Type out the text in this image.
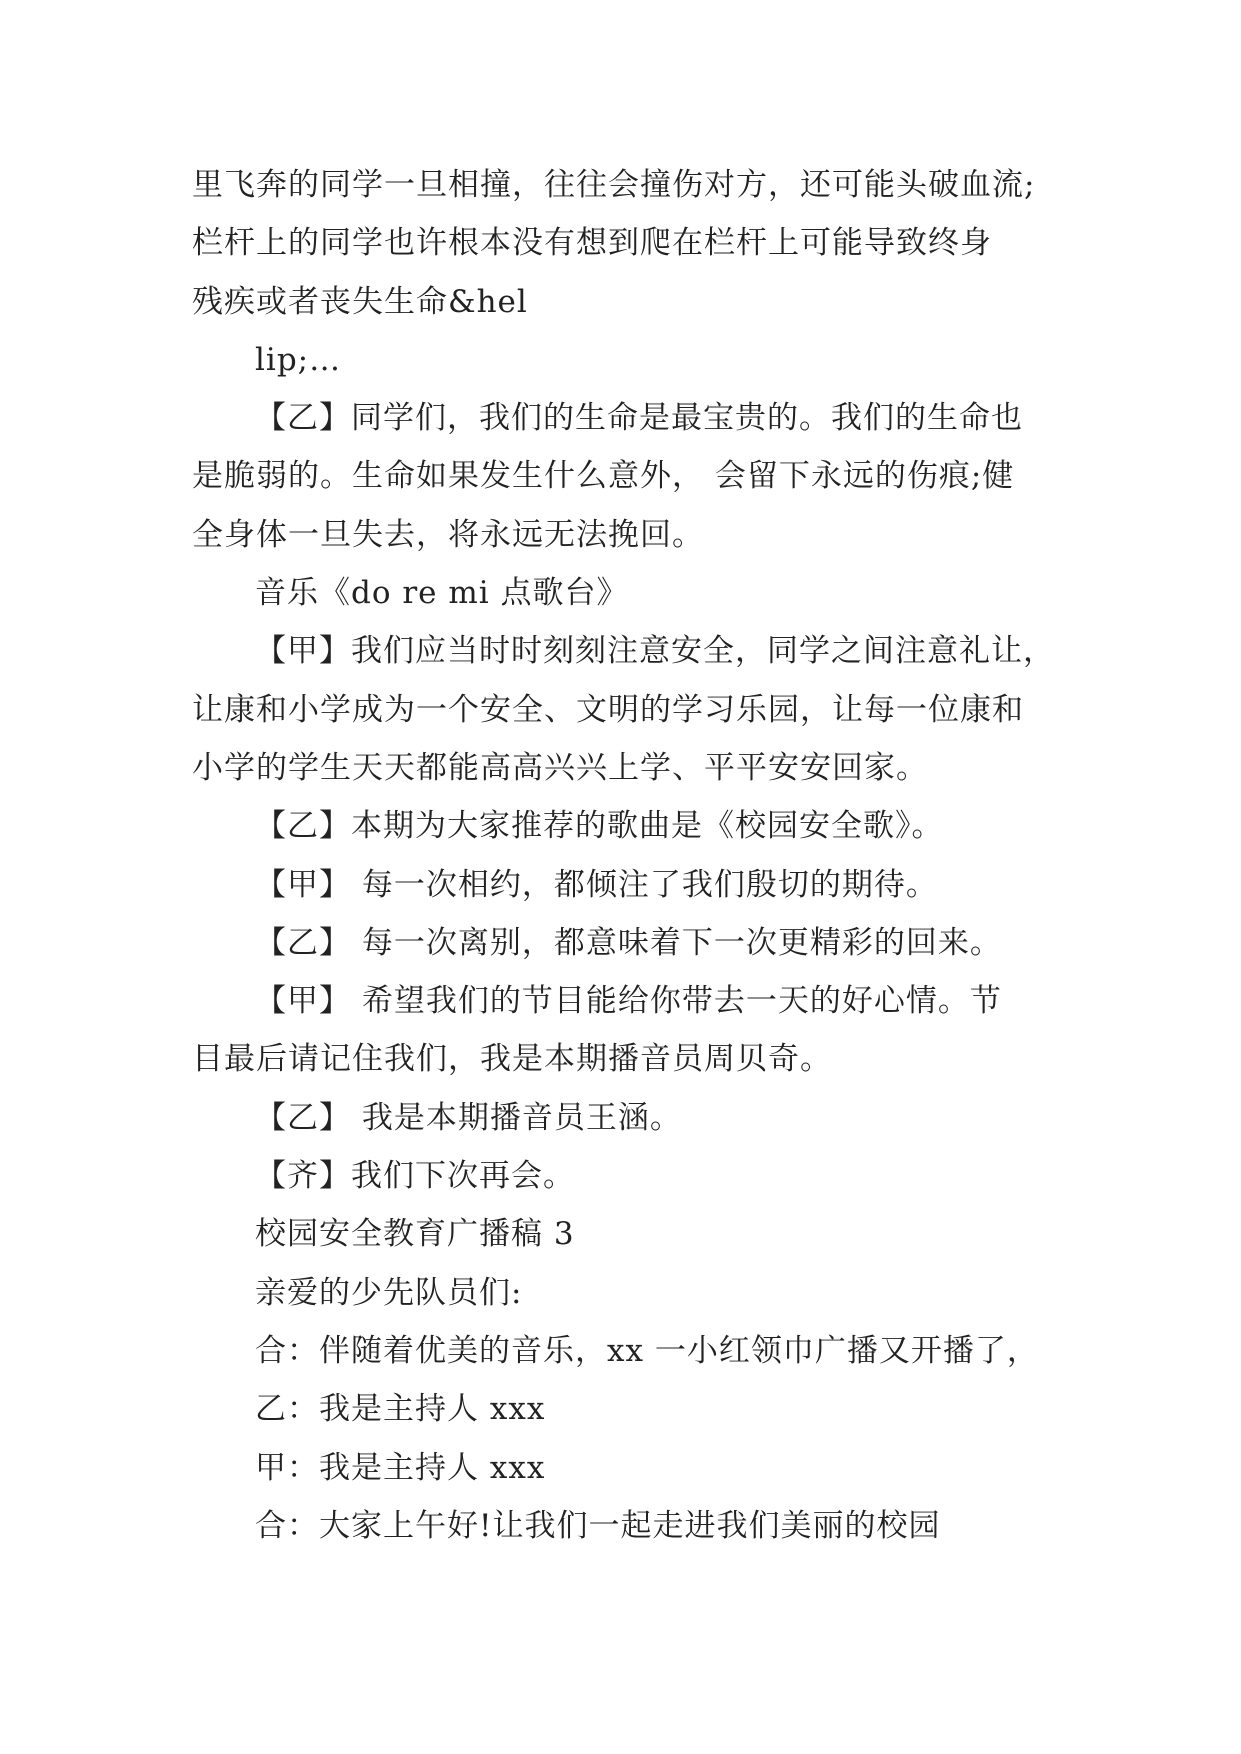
里飞奔的同学一旦相撞，往往会撞伤对方，还可能头破血流;
栏杆上的同学也许根本没有想到爬在栏杆上可能导致终身
残疾或者丧失生命&hel
lip;…
【乙】同学们，我们的生命是最宝贵的。我们的生命也
是脆弱的。生命如果发生什么意外， 会留下永远的伤痕;健
全身体一旦失去，将永远无法挽回。
音乐《do re mi 点歌台》
【甲】我们应当时时刻刻注意安全，同学之间注意礼让，
让康和小学成为一个安全、文明的学习乐园，让每一位康和
小学的学生天天都能高高兴兴上学、平平安安回家。
【乙】本期为大家推荐的歌曲是《校园安全歌》。
【甲】 每一次相约，都倾注了我们殷切的期待。
【乙】 每一次离别，都意味着下一次更精彩的回来。
【甲】 希望我们的节目能给你带去一天的好心情。节
目最后请记住我们，我是本期播音员周贝奇。
【乙】 我是本期播音员王涵。
【齐】我们下次再会。
校园安全教育广播稿 3
亲爱的少先队员们:
合：伴随着优美的音乐，xx 一小红领巾广播又开播了，
乙：我是主持人 xxx
甲：我是主持人 xxx
合：大家上午好!让我们一起走进我们美丽的校园
